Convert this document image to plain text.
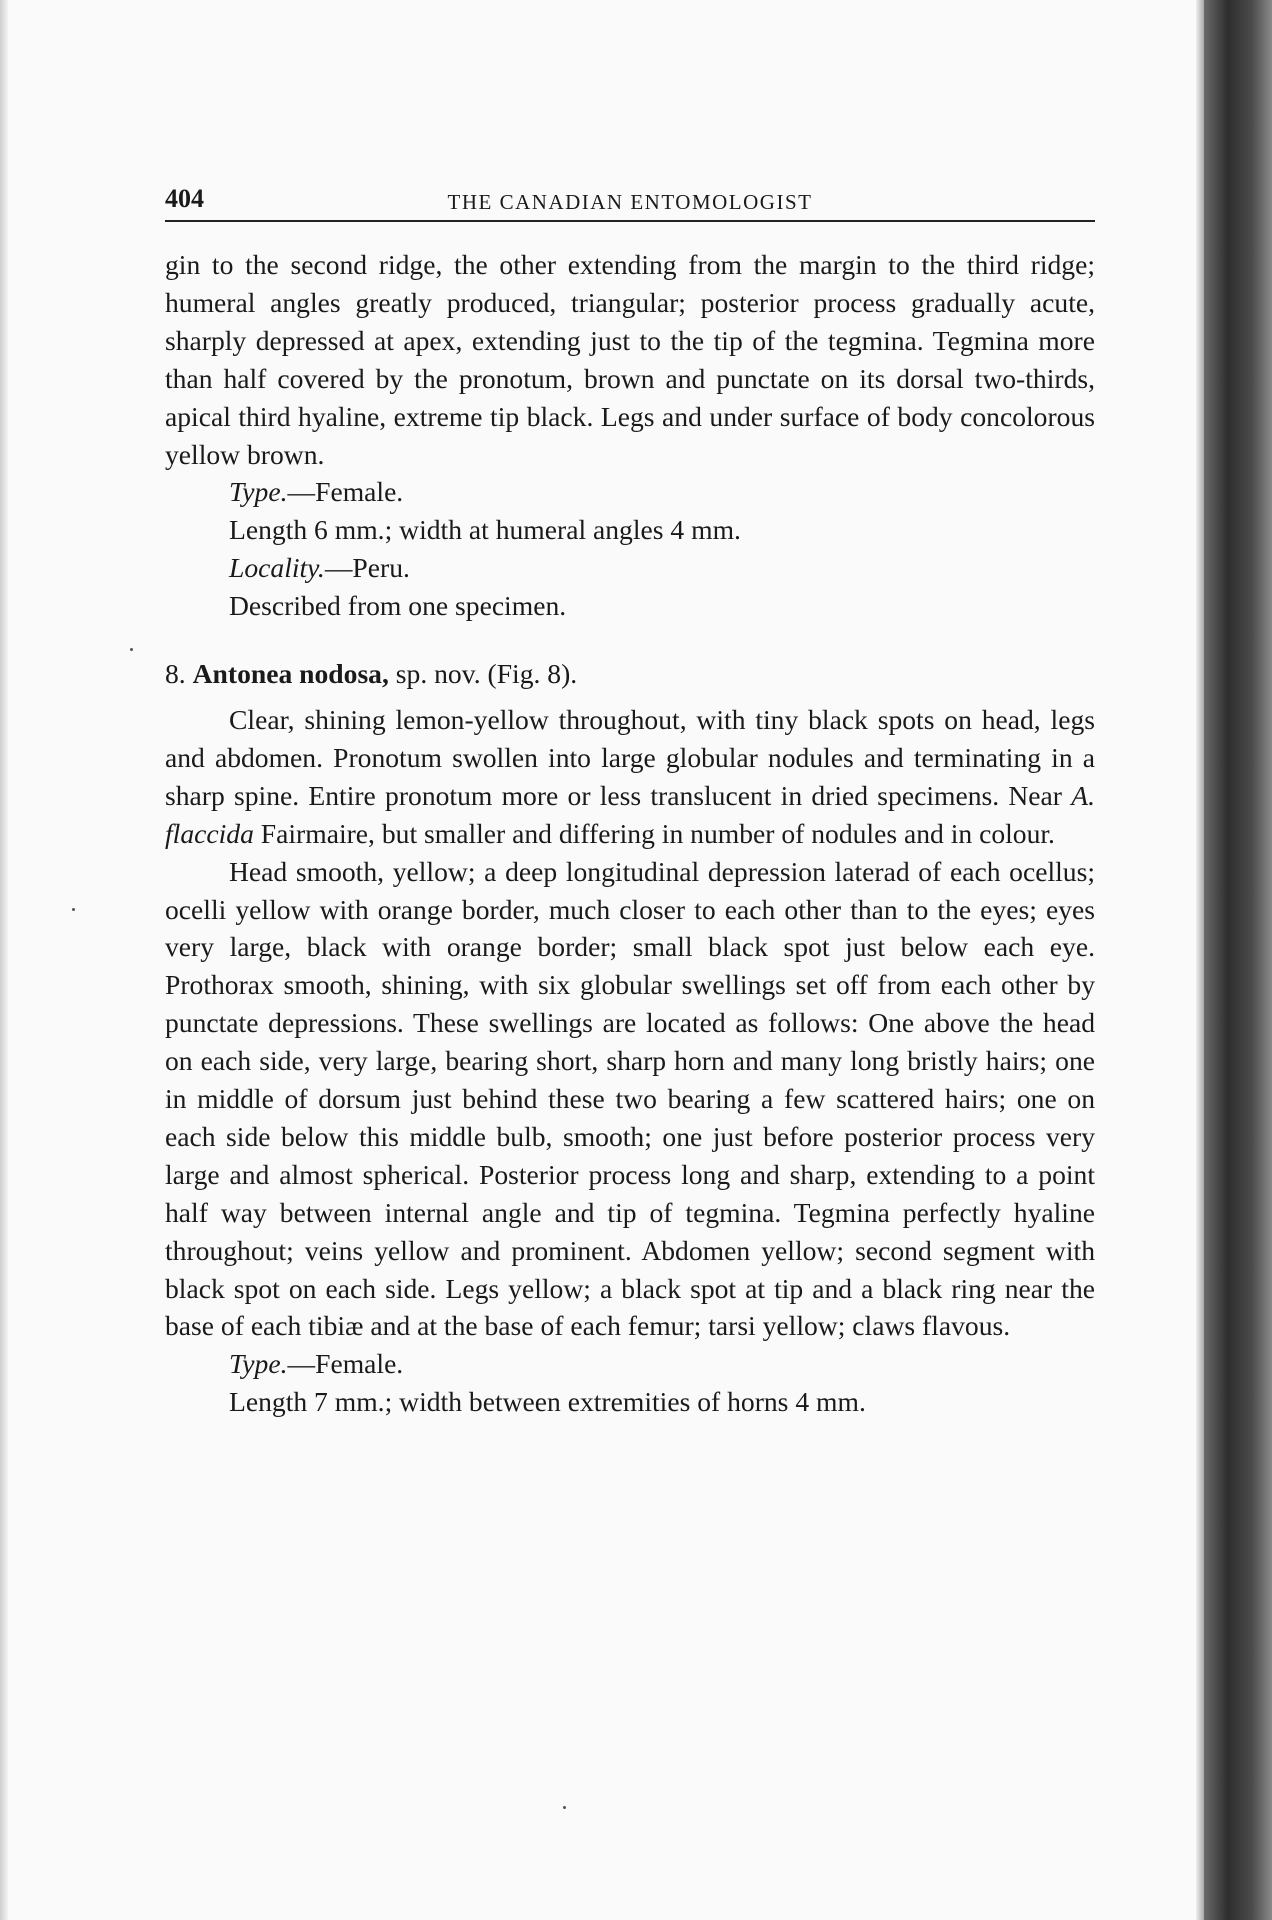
404	THE CANADIAN ENTOMOLOGIST

gin to the second ridge, the other extending from the margin to the third ridge; humeral angles greatly produced, triangular; posterior process gradually acute, sharply depressed at apex, extending just to the tip of the tegmina. Tegmina more than half covered by the pronotum, brown and punctate on its dorsal two-thirds, apical third hyaline, extreme tip black. Legs and under surface of body concolorous yellow brown.

Type.—Female.

Length 6 mm.; width at humeral angles 4 mm.

Locality.—Peru.

Described from one specimen.

8. Antonea nodosa, sp. nov. (Fig. 8).

Clear, shining lemon-yellow throughout, with tiny black spots on head, legs and abdomen. Pronotum swollen into large globular nodules and terminating in a sharp spine. Entire pronotum more or less translucent in dried specimens. Near A. flaccida Fairmaire, but smaller and differing in number of nodules and in colour.

Head smooth, yellow; a deep longitudinal depression laterad of each ocellus; ocelli yellow with orange border, much closer to each other than to the eyes; eyes very large, black with orange border; small black spot just below each eye. Prothorax smooth, shining, with six globular swellings set off from each other by punctate depressions. These swellings are located as follows: One above the head on each side, very large, bearing short, sharp horn and many long bristly hairs; one in middle of dorsum just behind these two bearing a few scattered hairs; one on each side below this middle bulb, smooth; one just before posterior process very large and almost spherical. Posterior process long and sharp, extending to a point half way between internal angle and tip of tegmina. Tegmina perfectly hyaline throughout; veins yellow and prominent. Abdomen yellow; second segment with black spot on each side. Legs yellow; a black spot at tip and a black ring near the base of each tibiæ and at the base of each femur; tarsi yellow; claws flavous.

Type.—Female.

Length 7 mm.; width between extremities of horns 4 mm.
